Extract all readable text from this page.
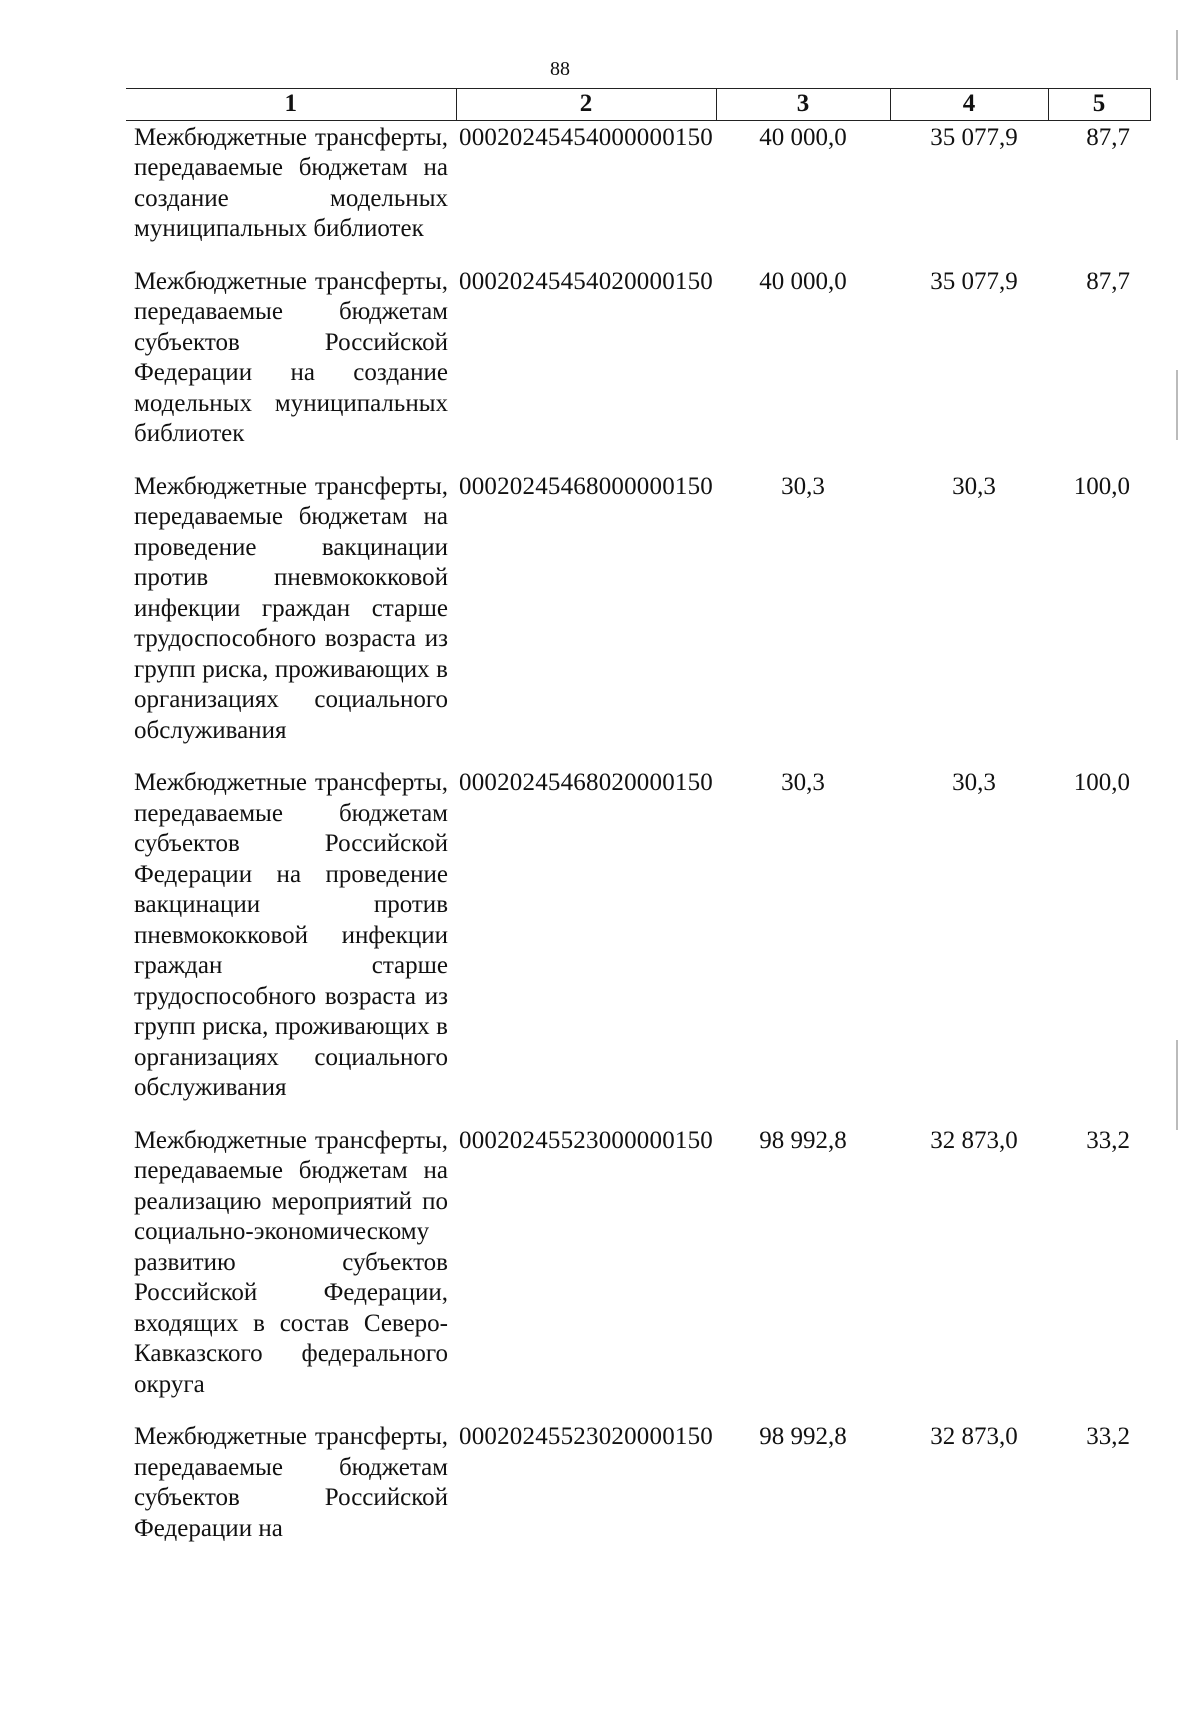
88
1	2	3	4	5

Межбюджетные трансферты, передаваемые бюджетам на создание модельных муниципальных библиотек	00020245454000000150	40 000,0	35 077,9	87,7

Межбюджетные трансферты, передаваемые бюджетам субъектов Российской Федерации на создание модельных муниципальных библиотек	00020245454020000150	40 000,0	35 077,9	87,7

Межбюджетные трансферты, передаваемые бюджетам на проведение вакцинации против пневмококковой инфекции граждан старше трудоспособного возраста из групп риска, проживающих в организациях социального обслуживания	00020245468000000150	30,3	30,3	100,0

Межбюджетные трансферты, передаваемые бюджетам субъектов Российской Федерации на проведение вакцинации против пневмококковой инфекции граждан старше трудоспособного возраста из групп риска, проживающих в организациях социального обслуживания	00020245468020000150	30,3	30,3	100,0

Межбюджетные трансферты, передаваемые бюджетам на реализацию мероприятий по социально-экономическому развитию субъектов Российской Федерации, входящих в состав Северо-Кавказского федерального округа	00020245523000000150	98 992,8	32 873,0	33,2

Межбюджетные трансферты, передаваемые бюджетам субъектов Российской Федерации на	00020245523020000150	98 992,8	32 873,0	33,2
